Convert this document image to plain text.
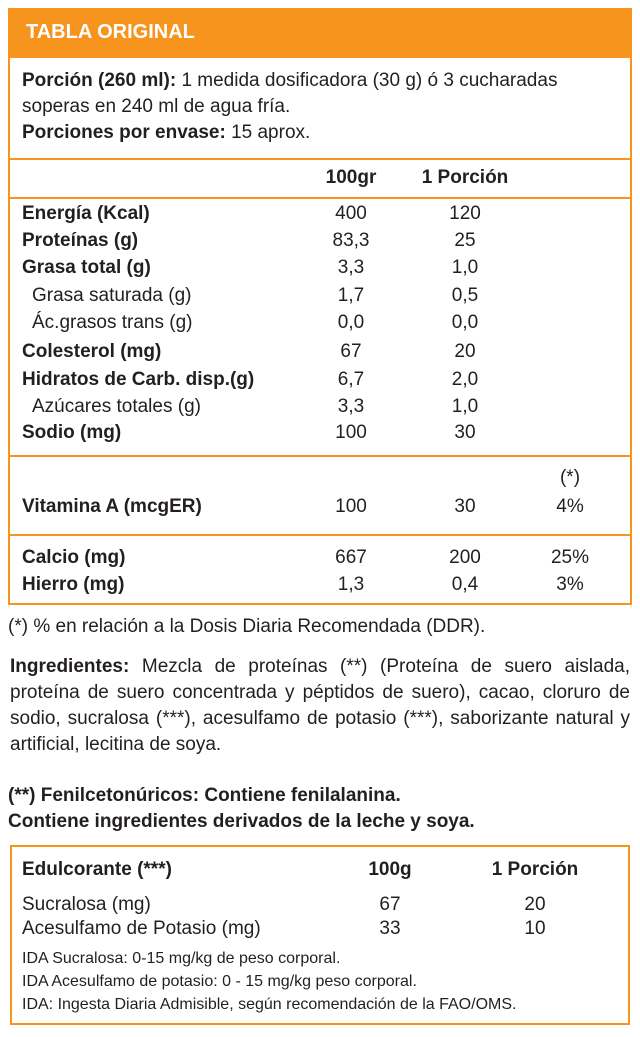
TABLA ORIGINAL
Porción (260 ml): 1 medida dosificadora (30 g) ó 3 cucharadas
soperas en 240 ml de agua fría.
Porciones por envase: 15 aprox.
100gr	1 Porción
Energía (Kcal)	400	120
Proteínas (g)	83,3	25
Grasa total (g)	3,3	1,0
Grasa saturada (g)	1,7	0,5
Ác.grasos trans (g)	0,0	0,0
Colesterol (mg)	67	20
Hidratos de Carb. disp.(g)	6,7	2,0
Azúcares totales (g)	3,3	1,0
Sodio (mg)	100	30
(*)
Vitamina A (mcgER)	100	30	4%
Calcio (mg)	667	200	25%
Hierro (mg)	1,3	0,4	3%
(*) % en relación a la Dosis Diaria Recomendada (DDR).
Ingredientes: Mezcla de proteínas (**) (Proteína de suero aislada, proteína de suero concentrada y péptidos de suero), cacao, cloruro de sodio, sucralosa (***), acesulfamo de potasio (***), saborizante natural y artificial, lecitina de soya.
(**) Fenilcetonúricos: Contiene fenilalanina.
Contiene ingredientes derivados de la leche y soya.
Edulcorante (***)	100g	1 Porción
Sucralosa (mg)	67	20
Acesulfamo de Potasio (mg)	33	10
IDA Sucralosa: 0-15 mg/kg de peso corporal.
IDA Acesulfamo de potasio: 0 - 15 mg/kg peso corporal.
IDA: Ingesta Diaria Admisible, según recomendación de la FAO/OMS.
